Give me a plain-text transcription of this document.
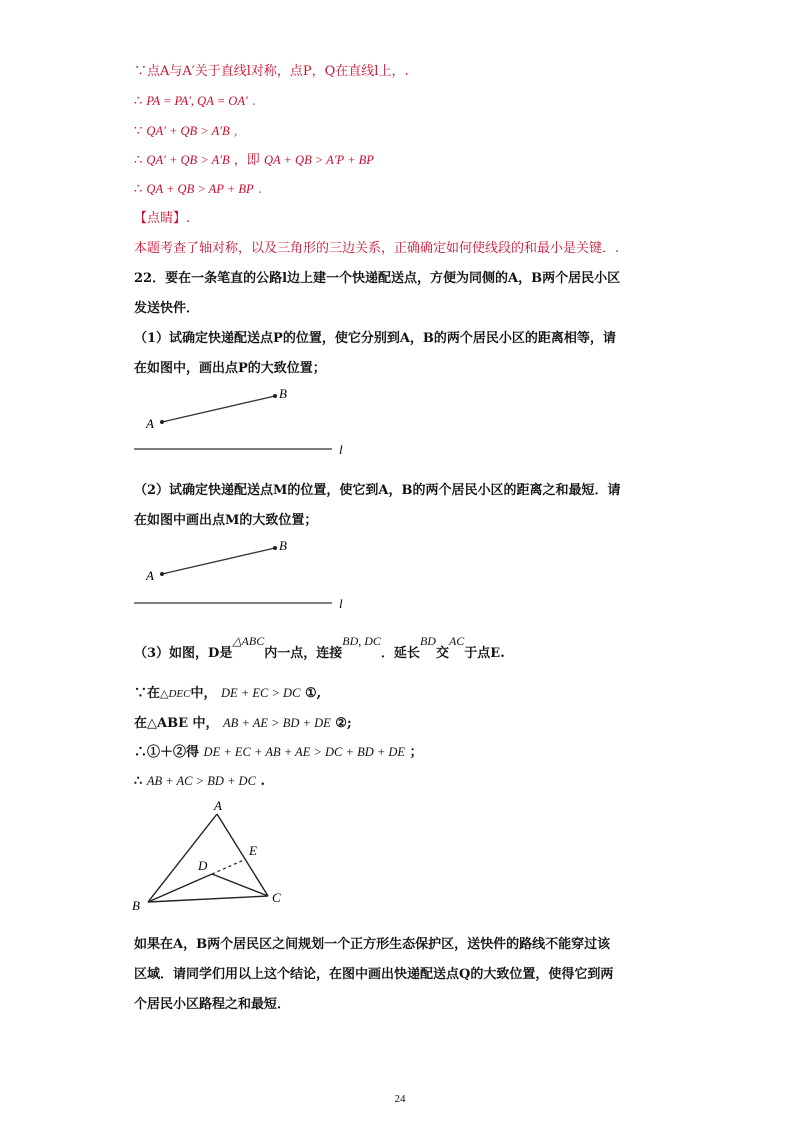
∵点A与A′关于直线l对称，点P，Q在直线l上，.
∴ PA = PA′, QA = OA′ .
∵ QA′ + QB > A′B ,
∴ QA′ + QB > A′B ，即 QA + QB > A′P + BP
∴ QA + QB > AP + BP .
【点睛】.
本题考查了轴对称，以及三角形的三边关系，正确确定如何使线段的和最小是关键．.
22．要在一条笔直的公路l边上建一个快递配送点，方便为同侧的A，B两个居民小区
发送快件．
（1）试确定快递配送点P的位置，使它分别到A，B的两个居民小区的距离相等，请
在如图中，画出点P的大致位置；
A
B
l
（2）试确定快递配送点M的位置，使它到A，B的两个居民小区的距离之和最短．请
在如图中画出点M的大致位置；
A
B
l
（3）如图，D是△ABC内一点，连接BD, DC．延长BD交AC于点E.
∵在△DEC中， DE + EC > DC ①,
在△ABE 中， AB + AE > BD + DE ②;
∴①＋②得 DE + EC + AB + AE > DC + BD + DE ；
∴ AB + AC > BD + DC .
A
B
C
D
E
如果在A，B两个居民区之间规划一个正方形生态保护区，送快件的路线不能穿过该
区域．请同学们用以上这个结论，在图中画出快递配送点Q的大致位置，使得它到两
个居民小区路程之和最短．
24
